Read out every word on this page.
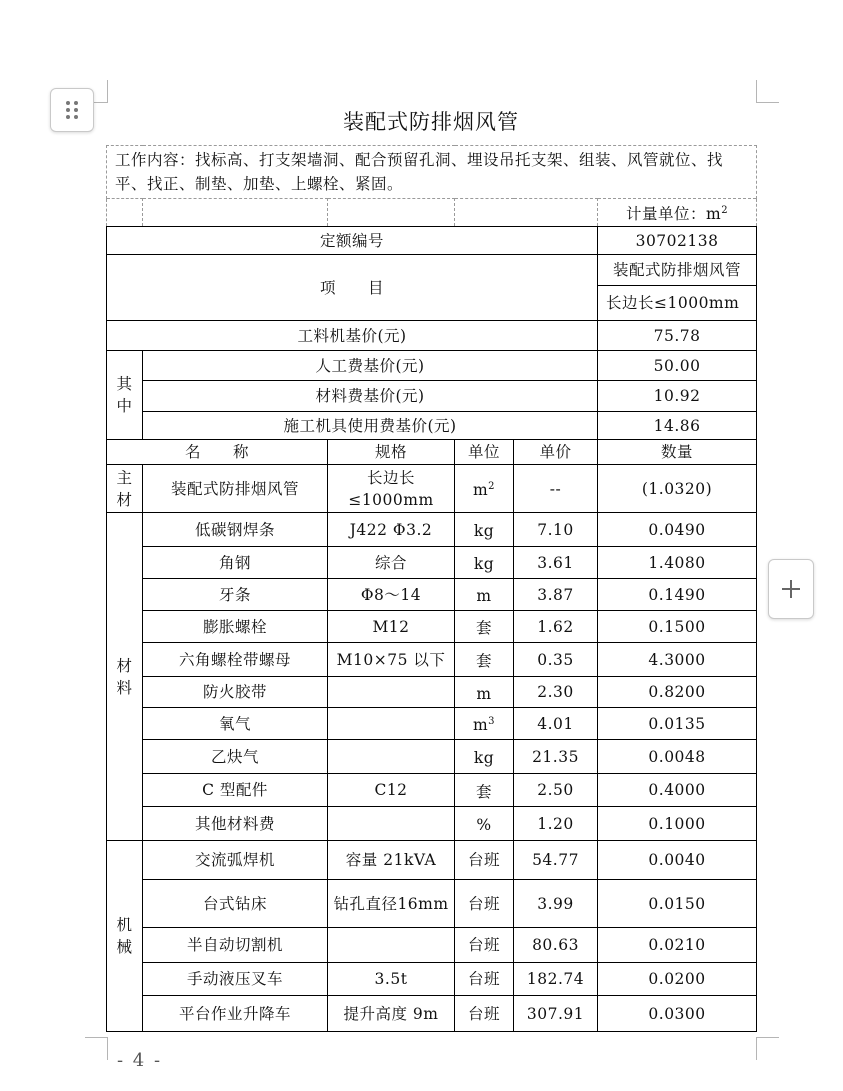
装配式防排烟风管
工作内容：找标高、打支架墙洞、配合预留孔洞、埋设吊托支架、组装、风管就位、找平、找正、制垫、加垫、上螺栓、紧固。					
					计量单位：$m^2$
定额编号					30702138
项　　目					装配式防排烟风管
					长边长≤1000mm
工料机基价(元)					75.78
其中	人工费基价(元)				50.00
	材料费基价(元)				10.92
	施工机具使用费基价(元)				14.86
名　　称		规格	单位	单价	数量
主材	装配式防排烟风管	长边长≤1000mm	$m^2$	--	(1.0320)
材料	低碳钢焊条	J422 Φ3.2	kg	7.10	0.0490
	角钢	综合	kg	3.61	1.4080
	牙条	Φ8～14	m	3.87	0.1490
	膨胀螺栓	M12	套	1.62	0.1500
	六角螺栓带螺母	M10×75 以下	套	0.35	4.3000
	防火胶带		m	2.30	0.8200
	氧气		$m^3$	4.01	0.0135
	乙炔气		kg	21.35	0.0048
	C 型配件	C12	套	2.50	0.4000
	其他材料费		%	1.20	0.1000
机械	交流弧焊机	容量 21kVA	台班	54.77	0.0040
	台式钻床	钻孔直径16mm	台班	3.99	0.0150
	半自动切割机		台班	80.63	0.0210
	手动液压叉车	3.5t	台班	182.74	0.0200
	平台作业升降车	提升高度 9m	台班	307.91	0.0300
- 4 -
